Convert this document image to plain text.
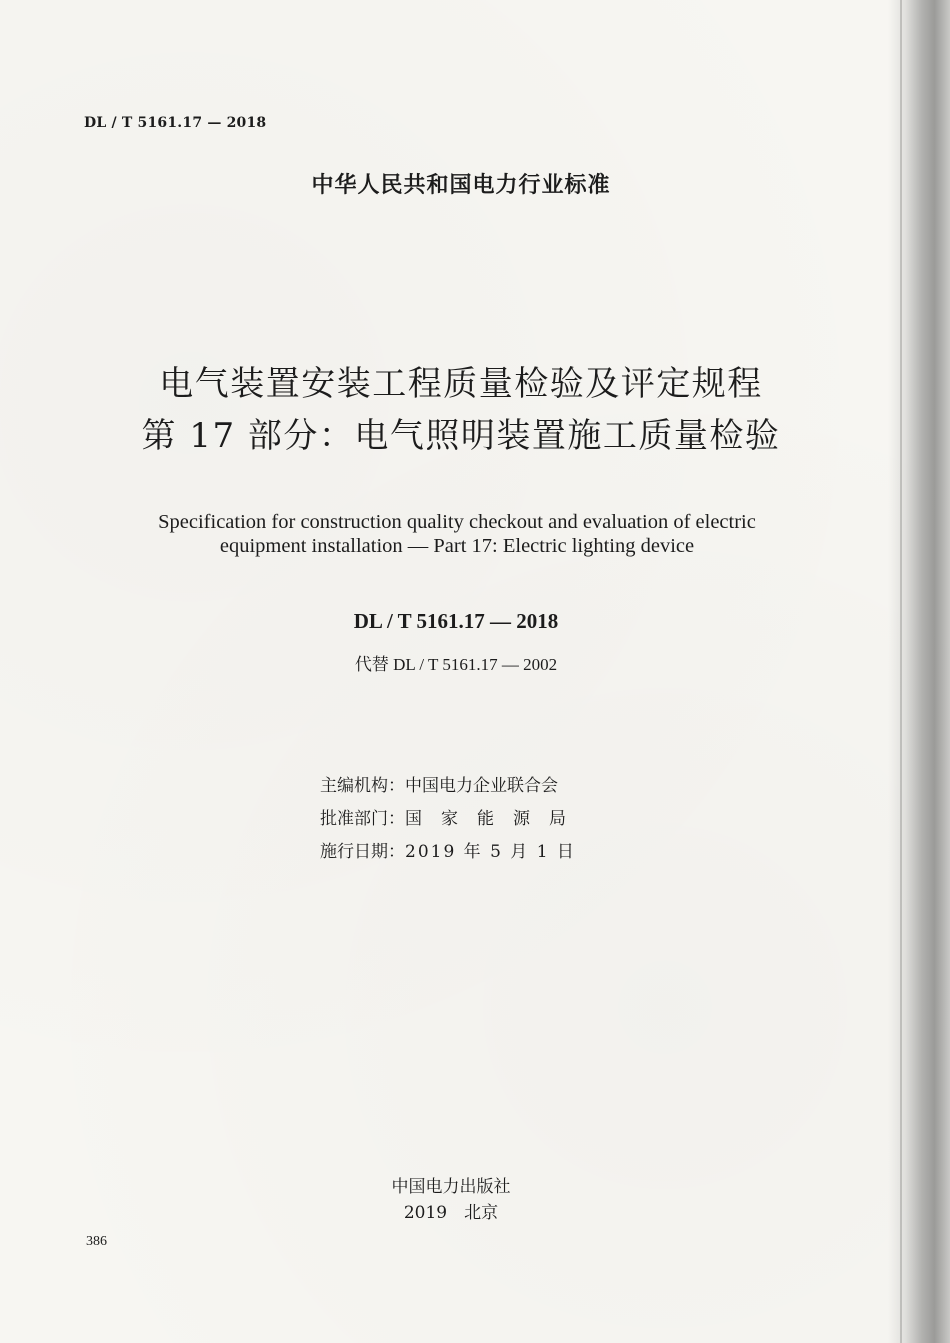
DL / T 5161.17 — 2018
中华人民共和国电力行业标准
电气装置安装工程质量检验及评定规程
第 17 部分：电气照明装置施工质量检验
Specification for construction quality checkout and evaluation of electric
equipment installation — Part 17: Electric lighting device
DL / T 5161.17 — 2018
代替 DL / T 5161.17 — 2002
主编机构：中国电力企业联合会
批准部门：国家能源局
施行日期：2019 年 5 月 1 日
中国电力出版社
2019　北京
386
